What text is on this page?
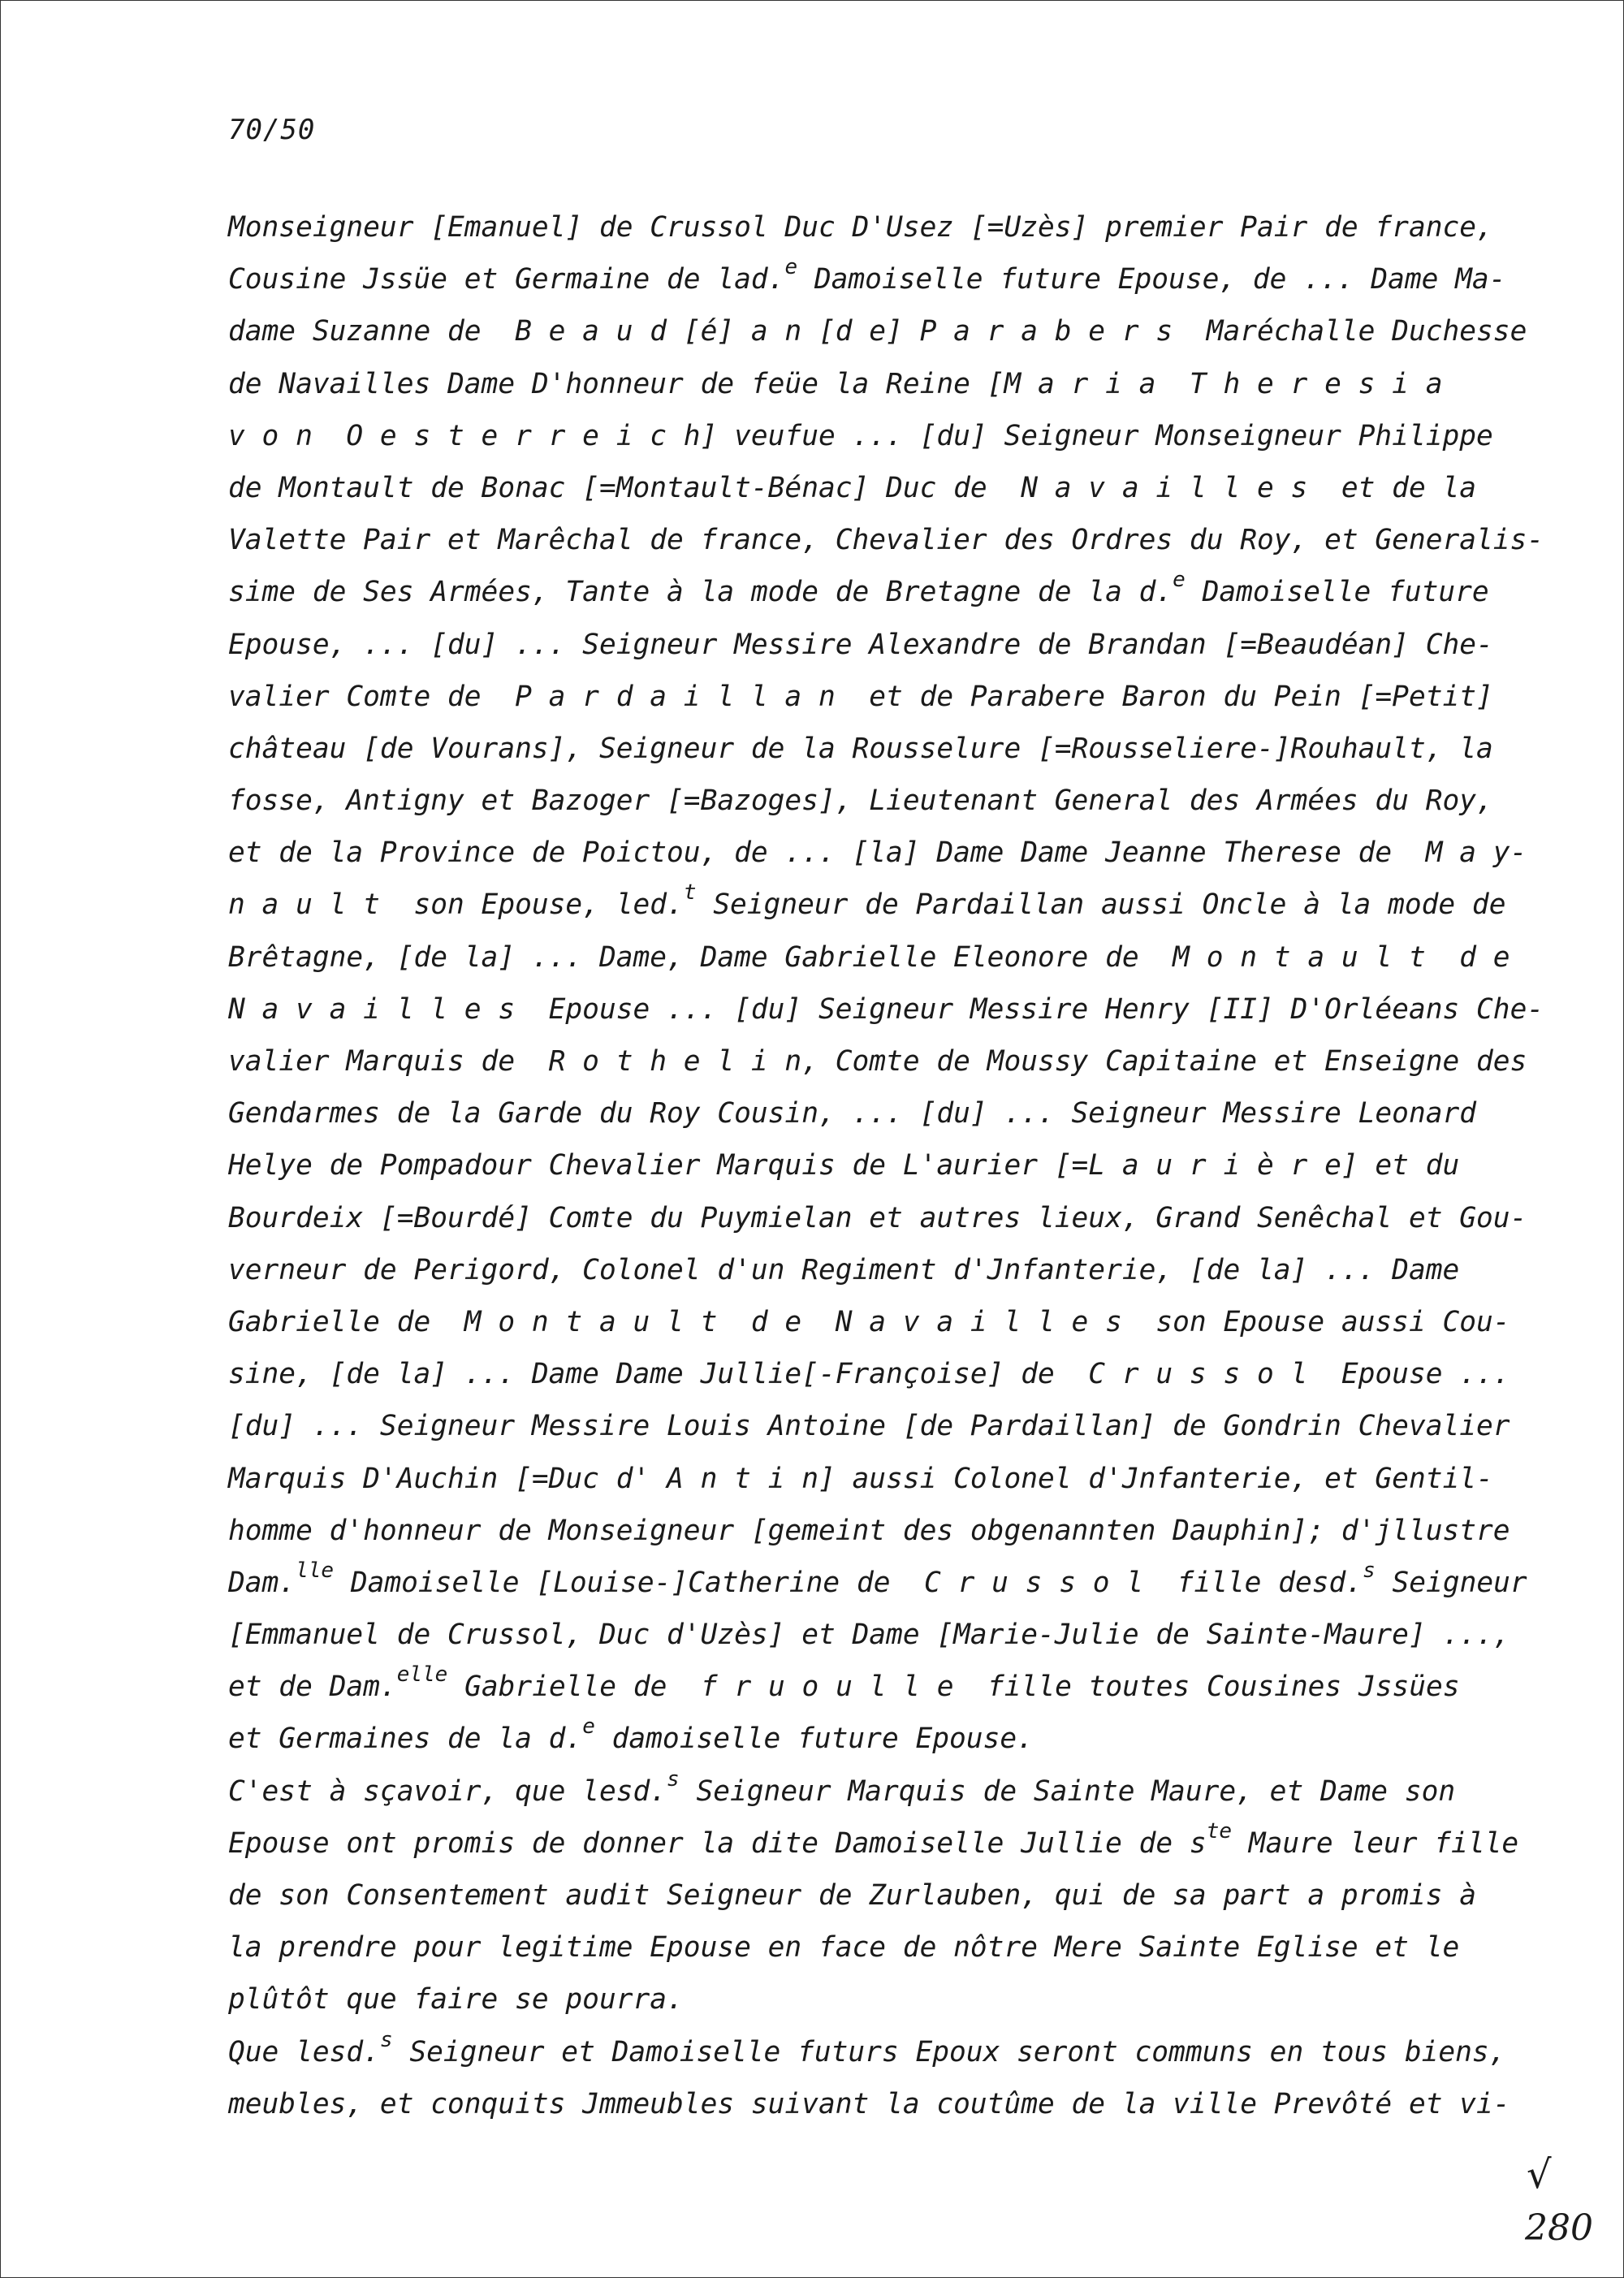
70/50
Monseigneur [Emanuel] de Crussol Duc D'Usez [=Uzès] premier Pair de france,
Cousine Jssüe et Germaine de lad.$^e$ Damoiselle future Epouse, de ... Dame Ma-
dame Suzanne de  B e a u d [é] a n [d e] P a r a b e r s  Maréchalle Duchesse
de Navailles Dame D'honneur de feüe la Reine [M a r i a  T h e r e s i a
v o n  O e s t e r r e i c h] veufue ... [du] Seigneur Monseigneur Philippe
de Montault de Bonac [=Montault-Bénac] Duc de  N a v a i l l e s  et de la
Valette Pair et Marêchal de france, Chevalier des Ordres du Roy, et Generalis-
sime de Ses Armées, Tante à la mode de Bretagne de la d.$^e$ Damoiselle future
Epouse, ... [du] ... Seigneur Messire Alexandre de Brandan [=Beaudéan] Che-
valier Comte de  P a r d a i l l a n  et de Parabere Baron du Pein [=Petit]
château [de Vourans], Seigneur de la Rousselure [=Rousseliere-]Rouhault, la
fosse, Antigny et Bazoger [=Bazoges], Lieutenant General des Armées du Roy,
et de la Province de Poictou, de ... [la] Dame Dame Jeanne Therese de  M a y-
n a u l t  son Epouse, led.$^t$ Seigneur de Pardaillan aussi Oncle à la mode de
Brêtagne, [de la] ... Dame, Dame Gabrielle Eleonore de  M o n t a u l t  d e
N a v a i l l e s  Epouse ... [du] Seigneur Messire Henry [II] D'Orléeans Che-
valier Marquis de  R o t h e l i n, Comte de Moussy Capitaine et Enseigne des
Gendarmes de la Garde du Roy Cousin, ... [du] ... Seigneur Messire Leonard
Helye de Pompadour Chevalier Marquis de L'aurier [=L a u r i è r e] et du
Bourdeix [=Bourdé] Comte du Puymielan et autres lieux, Grand Senêchal et Gou-
verneur de Perigord, Colonel d'un Regiment d'Jnfanterie, [de la] ... Dame
Gabrielle de  M o n t a u l t  d e  N a v a i l l e s  son Epouse aussi Cou-
sine, [de la] ... Dame Dame Jullie[-Françoise] de  C r u s s o l  Epouse ...
[du] ... Seigneur Messire Louis Antoine [de Pardaillan] de Gondrin Chevalier
Marquis D'Auchin [=Duc d' A n t i n] aussi Colonel d'Jnfanterie, et Gentil-
homme d'honneur de Monseigneur [gemeint des obgenannten Dauphin]; d'jllustre
Dam.$^{lle}$ Damoiselle [Louise-]Catherine de  C r u s s o l  fille desd.$^s$ Seigneur
[Emmanuel de Crussol, Duc d'Uzès] et Dame [Marie-Julie de Sainte-Maure] ...,
et de Dam.$^{elle}$ Gabrielle de  f r u o u l l e  fille toutes Cousines Jssües
et Germaines de la d.$^e$ damoiselle future Epouse.
C'est à sçavoir, que lesd.$^s$ Seigneur Marquis de Sainte Maure, et Dame son
Epouse ont promis de donner la dite Damoiselle Jullie de $s^{te}$ Maure leur fille
de son Consentement audit Seigneur de Zurlauben, qui de sa part a promis à
la prendre pour legitime Epouse en face de nôtre Mere Sainte Eglise et le
plûtôt que faire se pourra.
Que lesd.$^s$ Seigneur et Damoiselle futurs Epoux seront communs en tous biens,
meubles, et conquits Jmmeubles suivant la coutûme de la ville Prevôté et vi-
√
280
